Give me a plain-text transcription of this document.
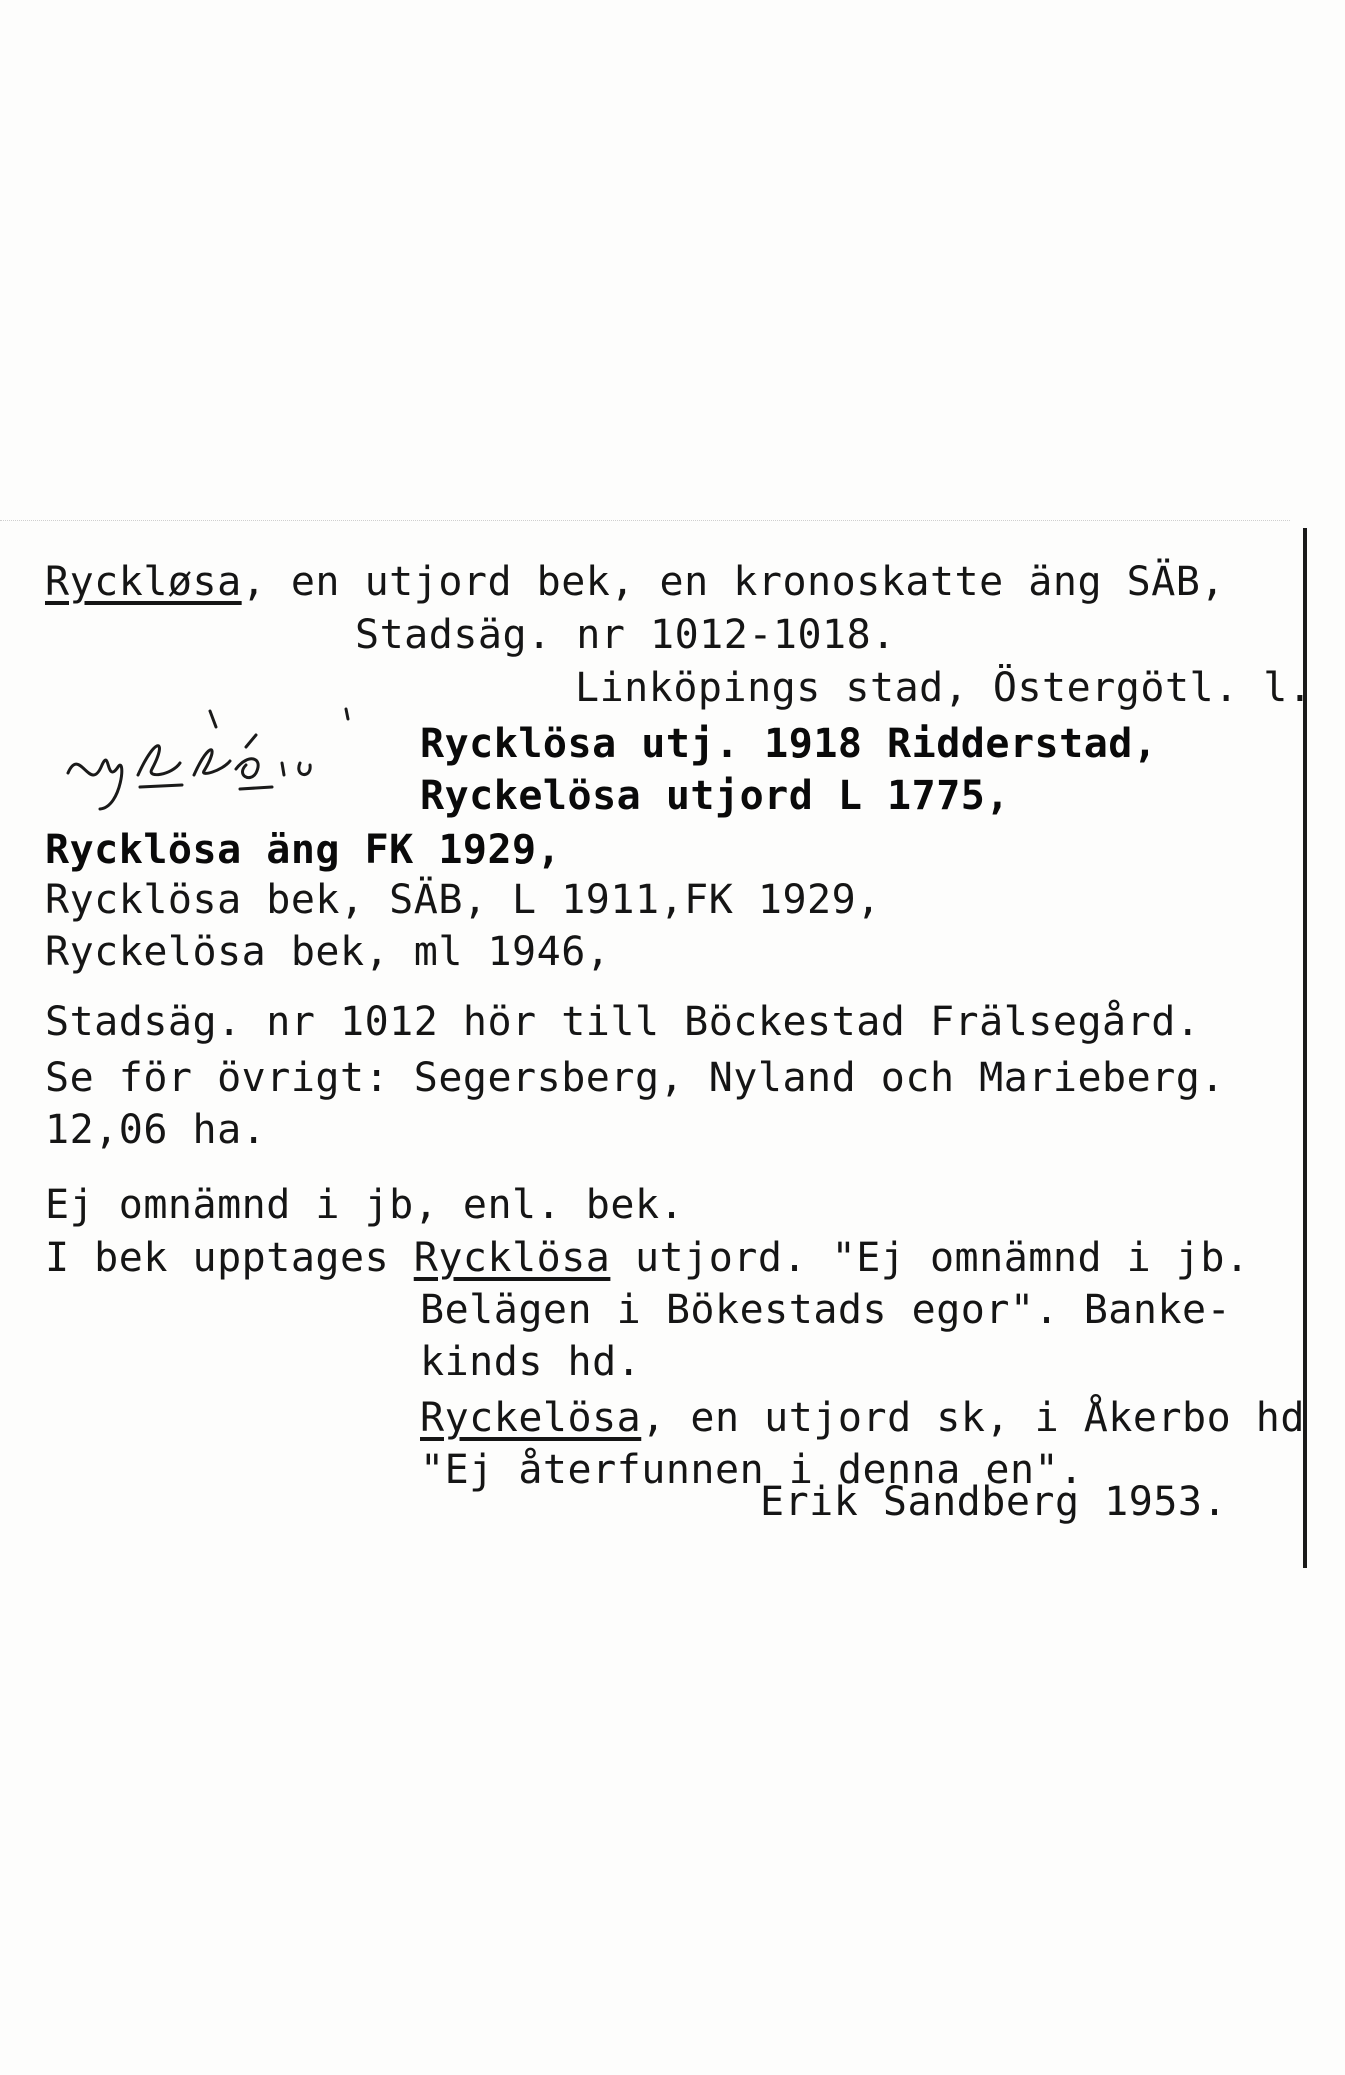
Ryckløsa, en utjord bek, en kronoskatte äng SÄB,
Stadsäg. nr 1012-1018.
Linköpings stad, Östergötl. l.
Rycklösa utj. 1918 Ridderstad,
Ryckelösa utjord L 1775,
Rycklösa äng FK 1929,
Rycklösa bek, SÄB, L 1911,FK 1929,
Ryckelösa bek, ml 1946,
Stadsäg. nr 1012 hör till Böckestad Frälsegård.
Se för övrigt: Segersberg, Nyland och Marieberg.
12,06 ha.
Ej omnämnd i jb, enl. bek.
I bek upptages Rycklösa utjord. "Ej omnämnd i jb.
Belägen i Bökestads egor". Banke-
kinds hd.
Ryckelösa, en utjord sk, i Åkerbo hd
"Ej återfunnen i denna en".
Erik Sandberg 1953.
